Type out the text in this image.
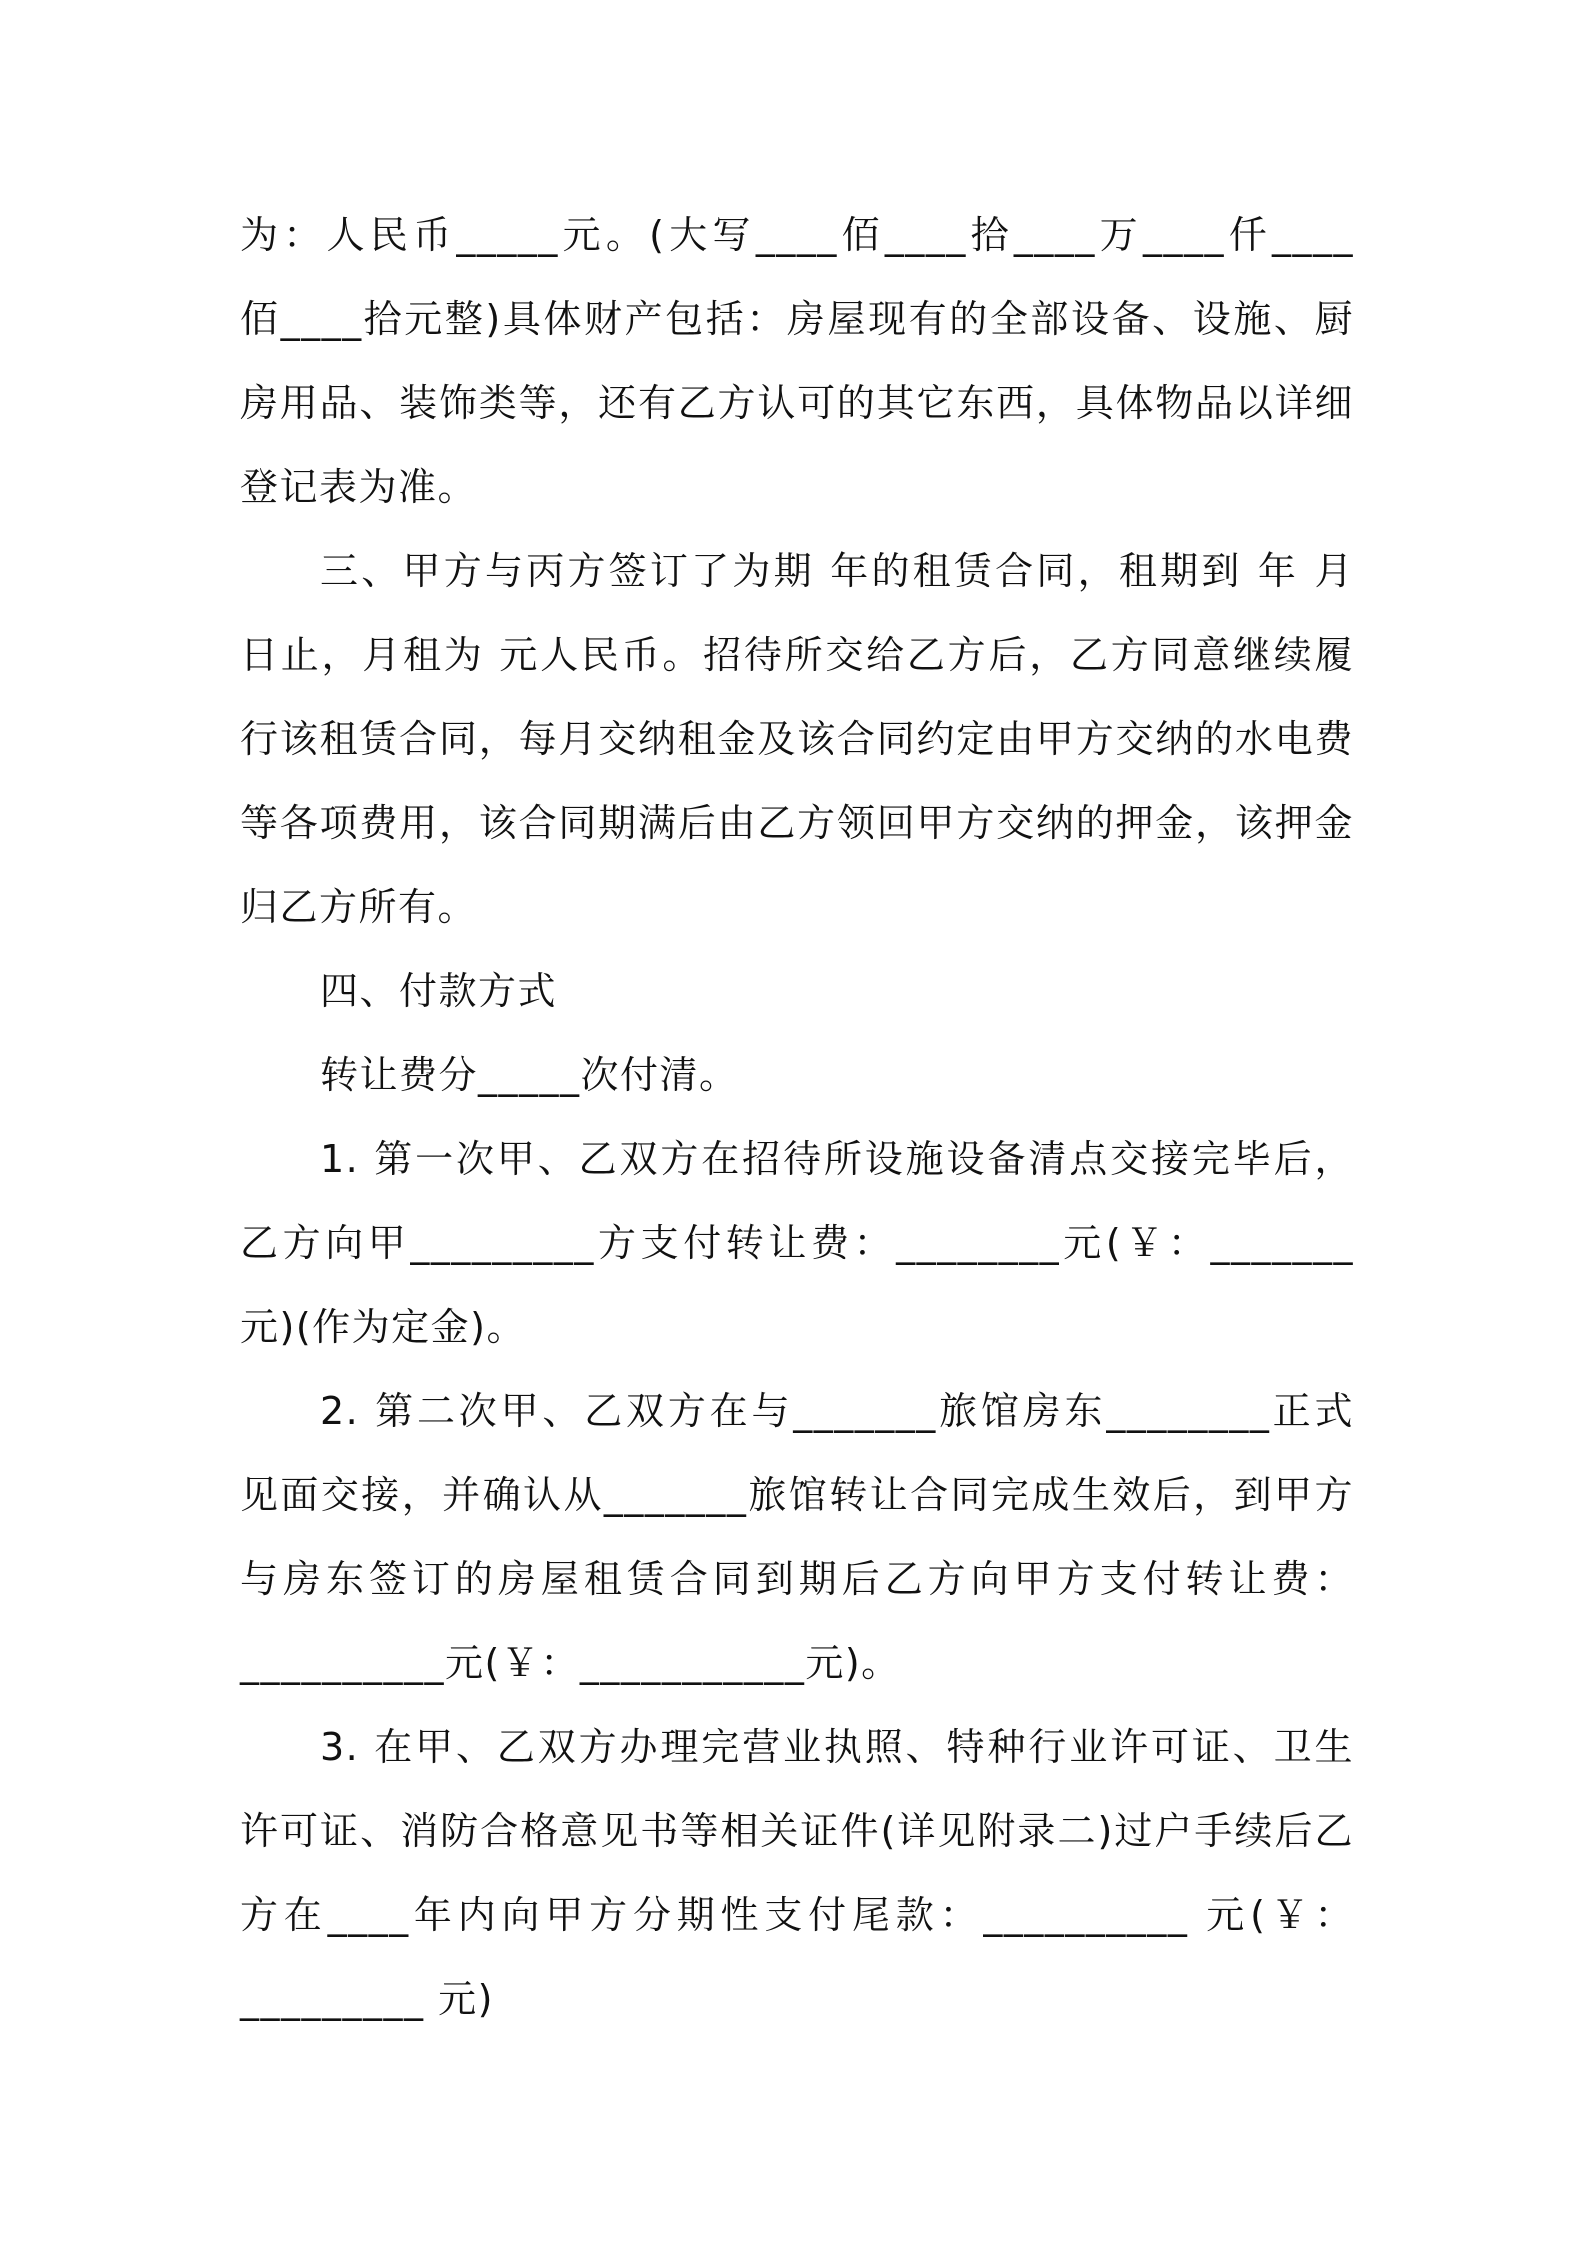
为：人民币_____元。(大写____佰____拾____万____仟____
佰____拾元整)具体财产包括：房屋现有的全部设备、设施、厨
房用品、装饰类等，还有乙方认可的其它东西，具体物品以详细
登记表为准。
三、甲方与丙方签订了为期 年的租赁合同，租期到 年 月
日止，月租为 元人民币。招待所交给乙方后，乙方同意继续履
行该租赁合同，每月交纳租金及该合同约定由甲方交纳的水电费
等各项费用，该合同期满后由乙方领回甲方交纳的押金，该押金
归乙方所有。
四、付款方式
转让费分_____次付清。
1. 第一次甲、乙双方在招待所设施设备清点交接完毕后，
乙方向甲_________方支付转让费：________元(￥：_______
元)(作为定金)。
2. 第二次甲、乙双方在与_______旅馆房东________正式
见面交接，并确认从_______旅馆转让合同完成生效后，到甲方
与房东签订的房屋租赁合同到期后乙方向甲方支付转让费：
__________元(￥：___________元)。
3. 在甲、乙双方办理完营业执照、特种行业许可证、卫生
许可证、消防合格意见书等相关证件(详见附录二)过户手续后乙
方在____年内向甲方分期性支付尾款：__________ 元(￥：
_________ 元)
